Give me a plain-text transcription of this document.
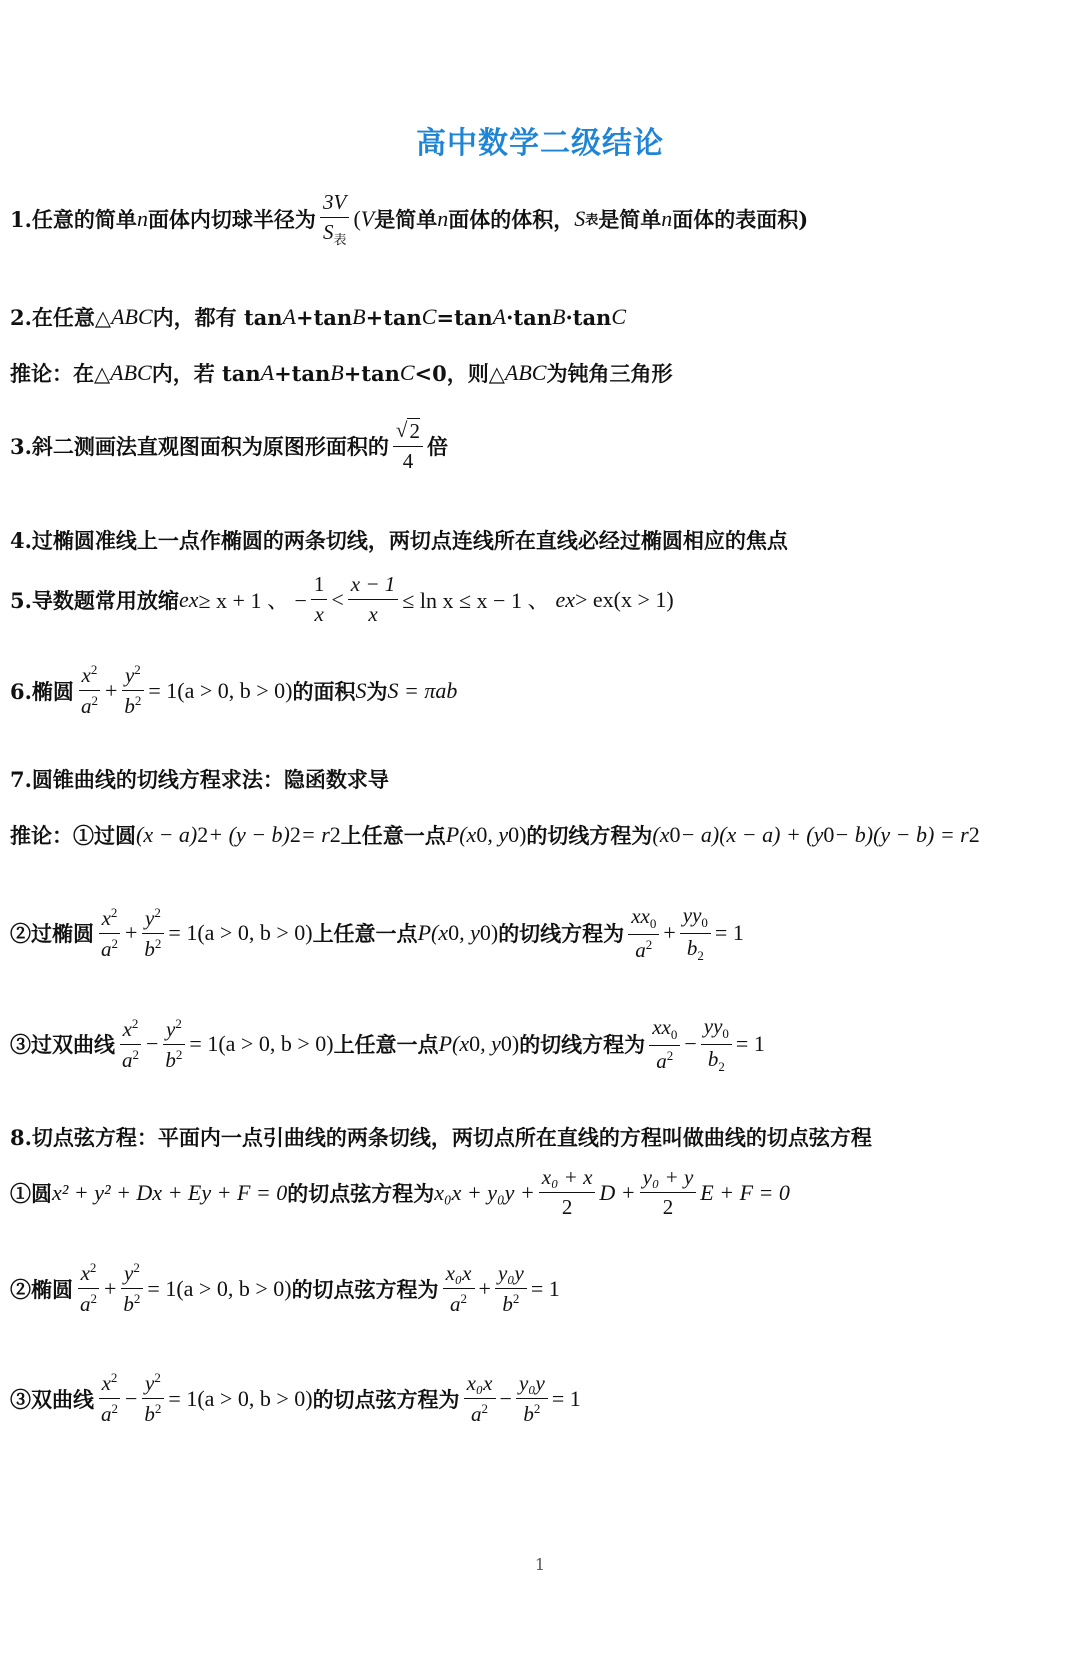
高中数学二级结论
1.任意的简单 n 面体内切球半径为 $\frac{3V}{S_表}$ ( V 是简单 n 面体的体积， S 表 是简单 n 面体的表面积)
2.在任意△ ABC 内，都有 tan A +tan B +tan C =tan A ·tan B ·tan C
推论：在△ ABC 内，若 tan A +tan B +tan C <0，则△ ABC 为钝角三角形
3.斜二测画法直观图面积为原图形面积的 $\frac{√ 2}{4}$ 倍
4.过椭圆准线上一点作椭圆的两条切线，两切点连线所在直线必经过椭圆相应的焦点
5.导数题常用放缩 e x ≥ x + 1 、 − $\frac{1}{x} < \frac{x - 1}{x} \le \ln x \le x - 1$ 、 e x > ex(x > 1)
6.椭圆 $\frac{x^2}{a^2} + \frac{y^2}{b^2} = 1(a > 0$, b > 0) 的面积 S 为 S = πab
7.圆锥曲线的切线方程求法：隐函数求导
推论：①过圆 (x − a) 2 + (y − b) 2 = r 2 上任意一点 P(x 0 , y 0 ) 的切线方程为 (x 0 − a)(x − a) + (y 0 − b)(y − b) = r 2
②过椭圆 $\frac{x^2}{a^2} + \frac{y^2}{b^2} = 1(a > 0$, b > 0) 上任意一点 P(x 0 , y 0 ) 的切线方程为 $\frac{xx_0}{a^2} + \frac{yy_0}{b_2} = 1$
③过双曲线 $\frac{x^2}{a^2} - \frac{y^2}{b^2} = 1(a > 0$, b > 0) 上任意一点 P(x 0 , y 0 ) 的切线方程为 $\frac{xx_0}{a^2} - \frac{yy_0}{b_2} = 1$
8.切点弦方程：平面内一点引曲线的两条切线，两切点所在直线的方程叫做曲线的切点弦方程
①圆 x² + y² + Dx + Ey + F = 0 的切点弦方程为 $x_0x + y_0y + \frac{\text{x₀ + x}}{2}$ $D + \frac{\text{y₀ + y}}{2}$ E + F = 0
②椭圆 $\frac{x^2}{a^2} + \frac{y^2}{b^2} = 1(a > 0$, b > 0) 的切点弦方程为 $\frac{\text{x₀x}}{a^2} + \frac{\text{y₀y}}{b^2} = 1$
③双曲线 $\frac{x^2}{a^2} - \frac{y^2}{b^2} = 1(a > 0$, b > 0) 的切点弦方程为 $\frac{\text{x₀x}}{a^2} - \frac{\text{y₀y}}{b^2} = 1$
1
